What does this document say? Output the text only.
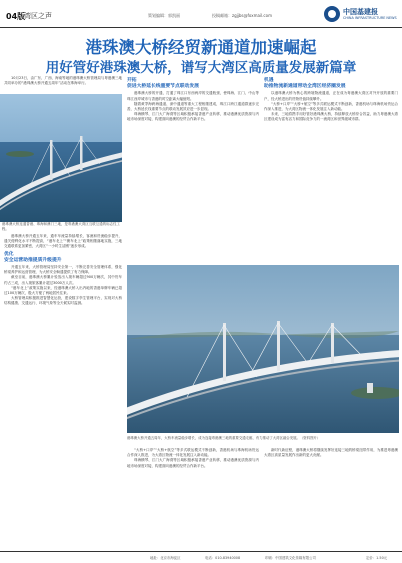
04版
湾区之声	策划编辑：郭凯丽	投稿邮箱：zgjjbs@foxmail.com	中国基建报
CHINA INFRASTRUCTURE NEWS
港珠澳大桥经贸新通道加速崛起
用好管好港珠澳大桥，谱写大湾区高质量发展新篇章
港珠澳大桥连通香港、珠海和澳门三地，是粤港澳大湾区互联互通的标志性工程。

10月23日，由广东、广西、海南等地的港珠澳大桥管理局与粤港澳三地共同举办的“港珠澳大桥开通五周年”活动在珠海举行。

港珠澳大桥开通五年来，通车车流量持续增长，客流和货流稳步提升，通关便利化水平不断提高，“港车北上”“澳车北上”政策相继落地实施，三地交通联系更加紧密，大湾区“一小时生活圈”逐步形成。

优化
安全运营助推提质升级提升

开通五年来，大桥管理局坚持安全第一，不断完善安全管理体系，强化桥梁养护和运营管理，为大桥安全畅通提供了有力保障。

截至目前，港珠澳大桥累计验放出入境车辆超过900万辆次，其中货车约占三成，出入境旅客累计超过3000万人次。

“港车北上”政策实施以来，经港珠澳大桥入出内地的香港单牌车辆已超过100万辆次，极大方便了两地居民往来。

大桥管理局积极推进智慧化运营，建设数字孪生管理平台，实现对大桥结构健康、交通运行、环境气象等全天候实时监测。

开拓
促进大桥延长线重要节点联动发展

港珠澳大桥的开通，打通了珠江口东西两岸的交通瓶颈，使珠海、江门、中山等珠江西岸城市与香港的时空距离大幅缩短。

随着黄茅海跨海通道、深中通道等重大工程相继建成，珠江口跨江通道群逐步完善，大桥延长线重要节点的联动发展效应进一步显现。

珠海横琴、江门大广海湾等区域积极承接香港产业转移，推动港澳优质资源与内地市场深度对接，构建面向港澳的经贸合作新平台。

机遇
助推物流新通道带动全湾区经济圈发展

以港珠澳大桥为核心的跨境物流通道，正在成为粤港澳大湾区对外开放的重要门户，经大桥进出的货物货值持续攀升。

“大桥+口岸”“大桥+航空”等多式联运模式不断创新，香港机场与珠海机场货运合作深入推进，为大湾区物流一体化发展注入新动能。

未来，三地将携手用好管好港珠澳大桥，持续释放大桥综合效益，助力粤港澳大湾区建设成为富有活力和国际竞争力的一流湾区和世界级城市群。

港珠澳大桥开通五周年，大桥车流量稳步增长，成为连接粤港澳三地的重要交通走廊，有力推动了大湾区融合发展。（资料图片）

新时代新征程，港珠澳大桥将继续发挥好连接三地的桥梁纽带作用，为推进粤港澳大湾区高质量发展作出新的更大贡献。

“大桥+口岸”“大桥+航空”等多式联运模式不断创新，香港机场与珠海机场货运合作深入推进，为大湾区物流一体化发展注入新动能。

珠海横琴、江门大广海湾等区域积极承接香港产业转移，推动港澳优质资源与内地市场深度对接，构建面向港澳的经贸合作新平台。

地址：北京市海淀区	电话：010-83940008	印刷：中国建筑文化传媒有限公司	定价：1.50元
